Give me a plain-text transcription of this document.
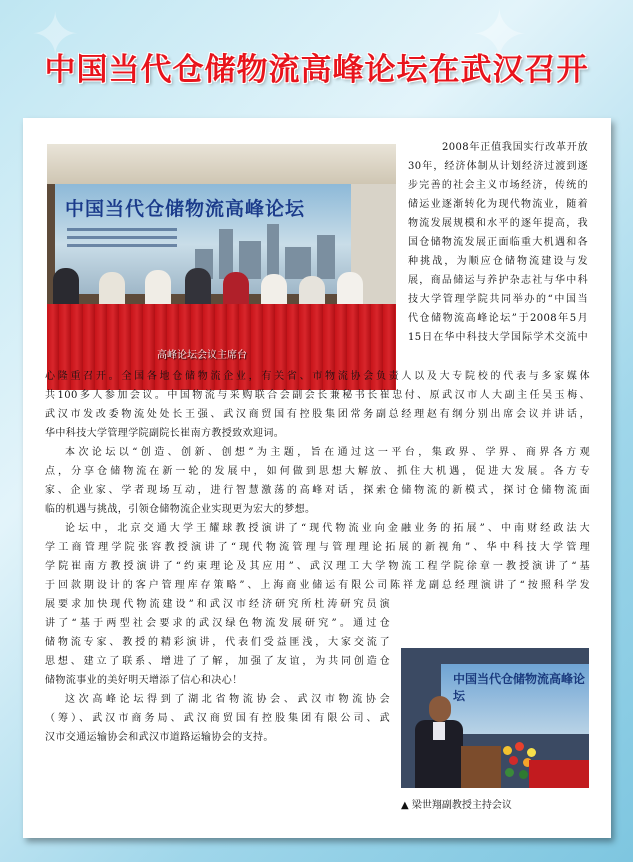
✦	✦
中国当代仓储物流高峰论坛在武汉召开
中国当代仓储物流高峰论坛
高峰论坛会议主席台
2008年正值我国实行改革开放
30年，经济体制从计划经济过渡到逐
步完善的社会主义市场经济，传统的
储运业逐渐转化为现代物流业，随着
物流发展规模和水平的逐年提高，我
国仓储物流发展正面临重大机遇和各
种挑战，为顺应仓储物流建设与发
展，商品储运与养护杂志社与华中科
技大学管理学院共同举办的“中国当
代仓储物流高峰论坛”于2008年5月
15日在华中科技大学国际学术交流中
心隆重召开。全国各地仓储物流企业，有关省、市物流协会负责人以及大专院校的代表与多家媒体
共100多人参加会议。中国物流与采购联合会副会长兼秘书长崔忠付、原武汉市人大副主任吴玉梅、
武汉市发改委物流处处长王强、武汉商贸国有控股集团常务副总经理赵有纲分别出席会议并讲话，
华中科技大学管理学院副院长崔南方教授致欢迎词。
本次论坛以“创造、创新、创想”为主题，旨在通过这一平台，集政界、学界、商界各方观
点，分享仓储物流在新一轮的发展中，如何做到思想大解放、抓住大机遇，促进大发展。各方专
家、企业家、学者现场互动，进行智慧激荡的高峰对话，探索仓储物流的新模式，探讨仓储物流面
临的机遇与挑战，引领仓储物流企业实现更为宏大的梦想。
论坛中，北京交通大学王耀球教授演讲了“现代物流业向金融业务的拓展”、中南财经政法大
学工商管理学院张容教授演讲了“现代物流管理与管理理论拓展的新视角”、华中科技大学管理
学院崔南方教授演讲了“约束理论及其应用”、武汉理工大学物流工程学院徐章一教授演讲了“基
于回款期设计的客户管理库存策略”、上海商业储运有限公司陈祥龙副总经理演讲了“按照科学发
展要求加快现代物流建设”和武汉市经济研究所杜涛研究员演
讲了“基于两型社会要求的武汉绿色物流发展研究”。通过仓
储物流专家、教授的精彩演讲，代表们受益匪浅，大家交流了
思想、建立了联系、增进了了解，加强了友谊，为共同创造仓
储物流事业的美好明天增添了信心和决心！
这次高峰论坛得到了湖北省物流协会、武汉市物流协会
（筹）、武汉市商务局、武汉商贸国有控股集团有限公司、武
汉市交通运输协会和武汉市道路运输协会的支持。
中国当代仓储物流高峰论坛
▲ 梁世翔副教授主持会议
